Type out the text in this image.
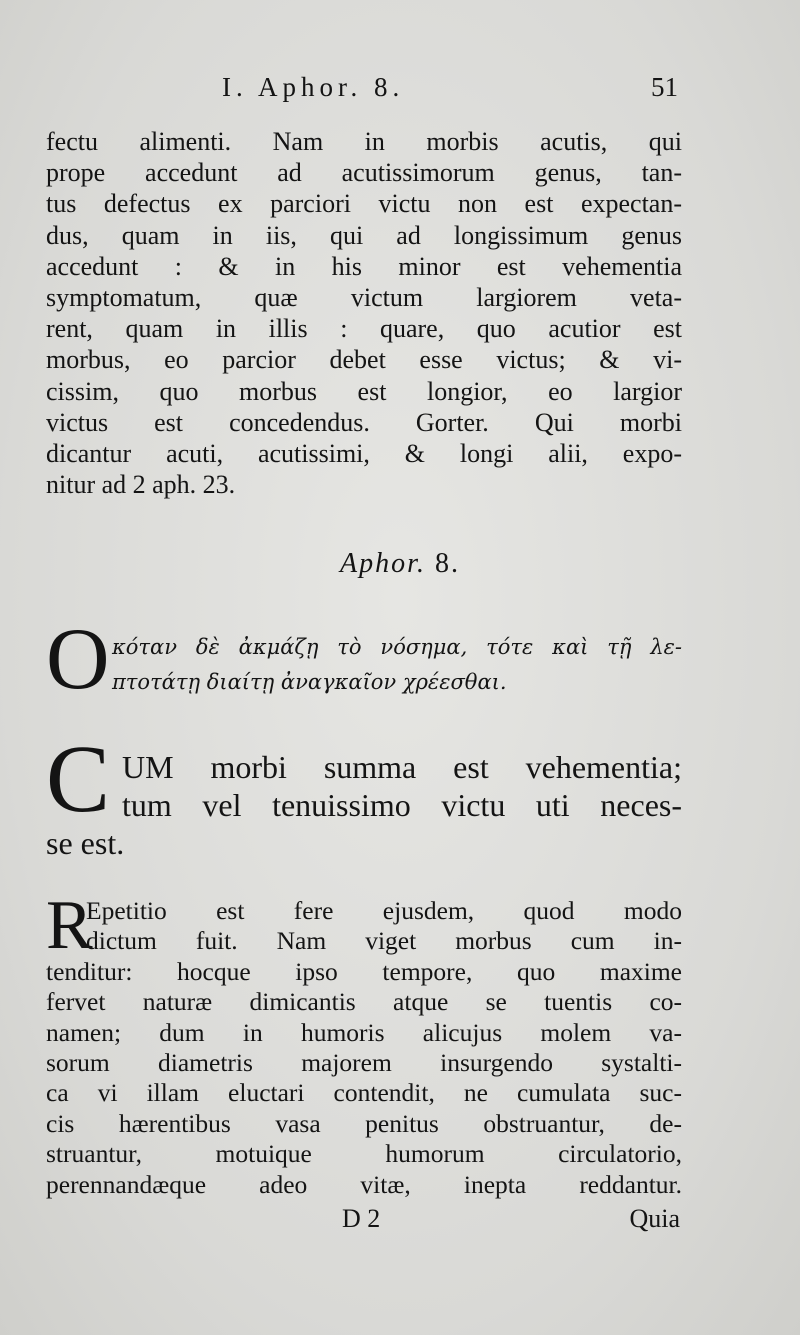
I. Aphor. 8.	51
fectu alimenti. Nam in morbis acutis, qui
prope accedunt ad acutissimorum genus, tan-
tus defectus ex parciori victu non est expectan-
dus, quam in iis, qui ad longissimum genus
accedunt : & in his minor est vehementia
symptomatum, quæ victum largiorem veta-
rent, quam in illis : quare, quo acutior est
morbus, eo parcior debet esse victus; & vi-
cissim, quo morbus est longior, eo largior
victus est concedendus. Gorter. Qui morbi
dicantur acuti, acutissimi, & longi alii, expo-
nitur ad 2 aph. 23.
Aphor. 8.
O κόταν δὲ ἀκμάζῃ τὸ νόσημα, τότε καὶ τῇ λε-
πτοτάτῃ διαίτῃ ἀναγκαῖον χρέεσθαι.
C UM morbi summa est vehementia;
tum vel tenuissimo victu uti neces-
se est.
R
Epetitio est fere ejusdem, quod modo
dictum fuit. Nam viget morbus cum in-
tenditur: hocque ipso tempore, quo maxime
fervet naturæ dimicantis atque se tuentis co-
namen; dum in humoris alicujus molem va-
sorum diametris majorem insurgendo systalti-
ca vi illam eluctari contendit, ne cumulata suc-
cis hærentibus vasa penitus obstruantur, de-
struantur, motuique humorum circulatorio,
perennandæque adeo vitæ, inepta reddantur.
D 2	Quia
